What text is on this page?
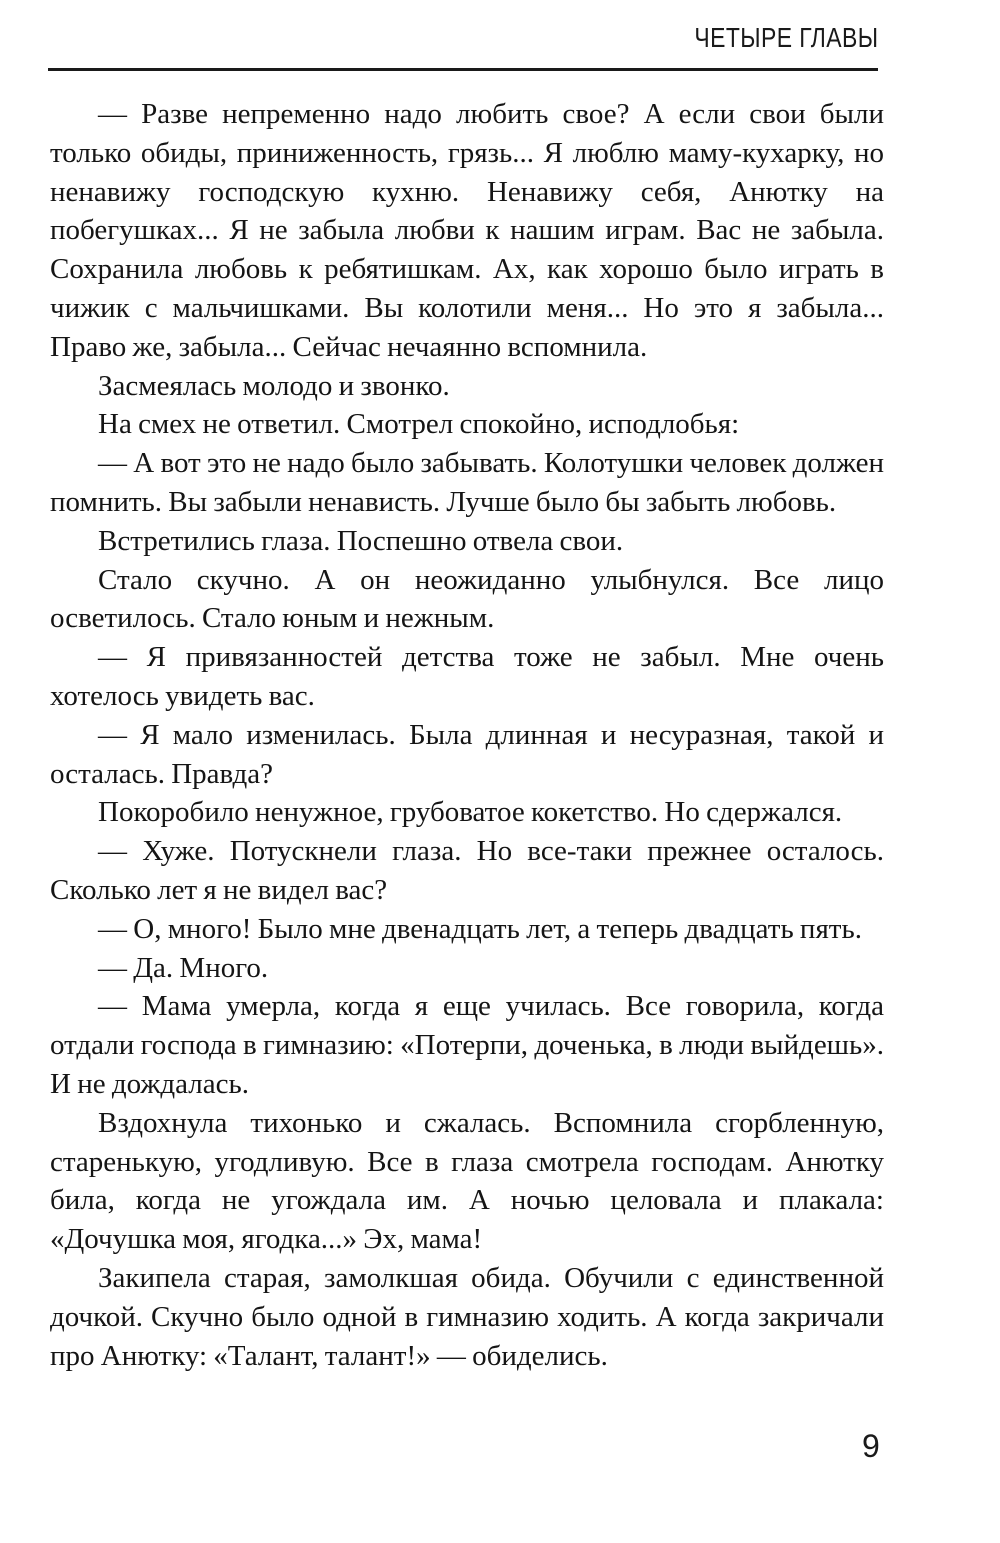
ЧЕТЫРЕ ГЛАВЫ

— Разве непременно надо любить свое? А если свои были только обиды, приниженность, грязь... Я люблю маму-кухарку, но ненавижу господскую кухню. Ненавижу себя, Анютку на побегушках... Я не забыла любви к нашим играм. Вас не забыла. Сохранила любовь к ребятишкам. Ах, как хорошо было играть в чижик с мальчишками. Вы колотили меня... Но это я забыла... Право же, забыла... Сейчас нечаянно вспомнила.

Засмеялась молодо и звонко.

На смех не ответил. Смотрел спокойно, исподлобья:

— А вот это не надо было забывать. Колотушки человек должен помнить. Вы забыли ненависть. Лучше было бы забыть любовь.

Встретились глаза. Поспешно отвела свои.

Стало скучно. А он неожиданно улыбнулся. Все лицо осветилось. Стало юным и нежным.

— Я привязанностей детства тоже не забыл. Мне очень хотелось увидеть вас.

— Я мало изменилась. Была длинная и несуразная, такой и осталась. Правда?

Покоробило ненужное, грубоватое кокетство. Но сдержался.

— Хуже. Потускнели глаза. Но все-таки прежнее осталось. Сколько лет я не видел вас?

— О, много! Было мне двенадцать лет, а теперь двадцать пять.

— Да. Много.

— Мама умерла, когда я еще училась. Все говорила, когда отдали господа в гимназию: «Потерпи, доченька, в люди выйдешь». И не дождалась.

Вздохнула тихонько и сжалась. Вспомнила сгорбленную, старенькую, угодливую. Все в глаза смотрела господам. Анютку била, когда не угождала им. А ночью целовала и плакала: «Дочушка моя, ягодка...» Эх, мама!

Закипела старая, замолкшая обида. Обучили с единственной дочкой. Скучно было одной в гимназию ходить. А когда закричали про Анютку: «Талант, талант!» — обиделись.

9
